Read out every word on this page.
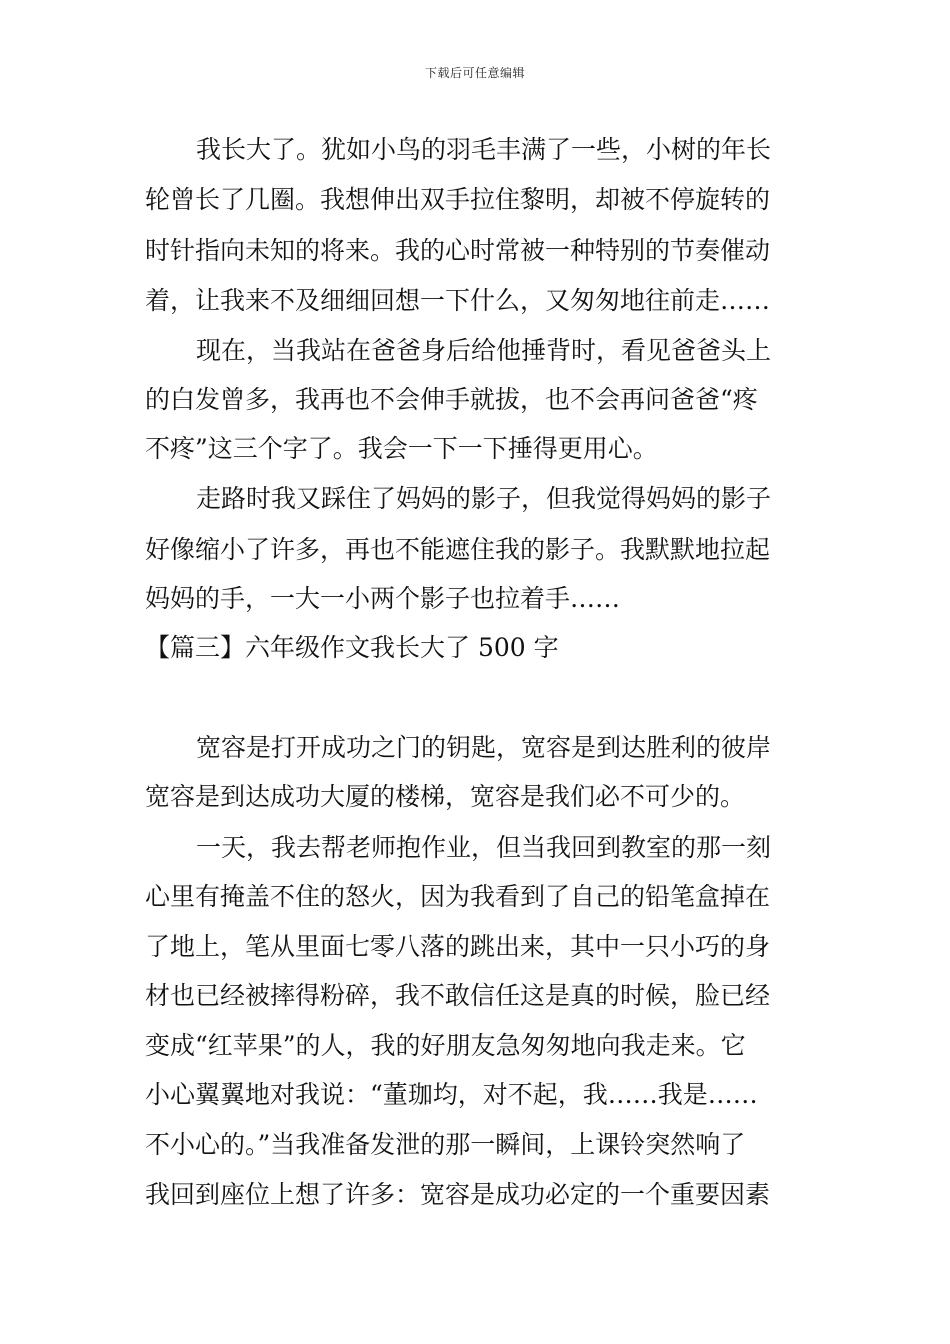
下载后可任意编辑
我长大了。犹如小鸟的羽毛丰满了一些，小树的年长
轮曾长了几圈。我想伸出双手拉住黎明，却被不停旋转的
时针指向未知的将来。我的心时常被一种特别的节奏催动
着，让我来不及细细回想一下什么，又匆匆地往前走……
现在，当我站在爸爸身后给他捶背时，看见爸爸头上
的白发曾多，我再也不会伸手就拔，也不会再问爸爸“疼
不疼”这三个字了。我会一下一下捶得更用心。
走路时我又踩住了妈妈的影子，但我觉得妈妈的影子
好像缩小了许多，再也不能遮住我的影子。我默默地拉起
妈妈的手，一大一小两个影子也拉着手……
【篇三】六年级作文我长大了 500 字
宽容是打开成功之门的钥匙，宽容是到达胜利的彼岸
宽容是到达成功大厦的楼梯，宽容是我们必不可少的。
一天，我去帮老师抱作业，但当我回到教室的那一刻
心里有掩盖不住的怒火，因为我看到了自己的铅笔盒掉在
了地上，笔从里面七零八落的跳出来，其中一只小巧的身
材也已经被摔得粉碎，我不敢信任这是真的时候，脸已经
变成“红苹果”的人，我的好朋友急匆匆地向我走来。它
小心翼翼地对我说：“董珈均，对不起，我……我是……
不小心的。”当我准备发泄的那一瞬间，上课铃突然响了
我回到座位上想了许多：宽容是成功必定的一个重要因素
